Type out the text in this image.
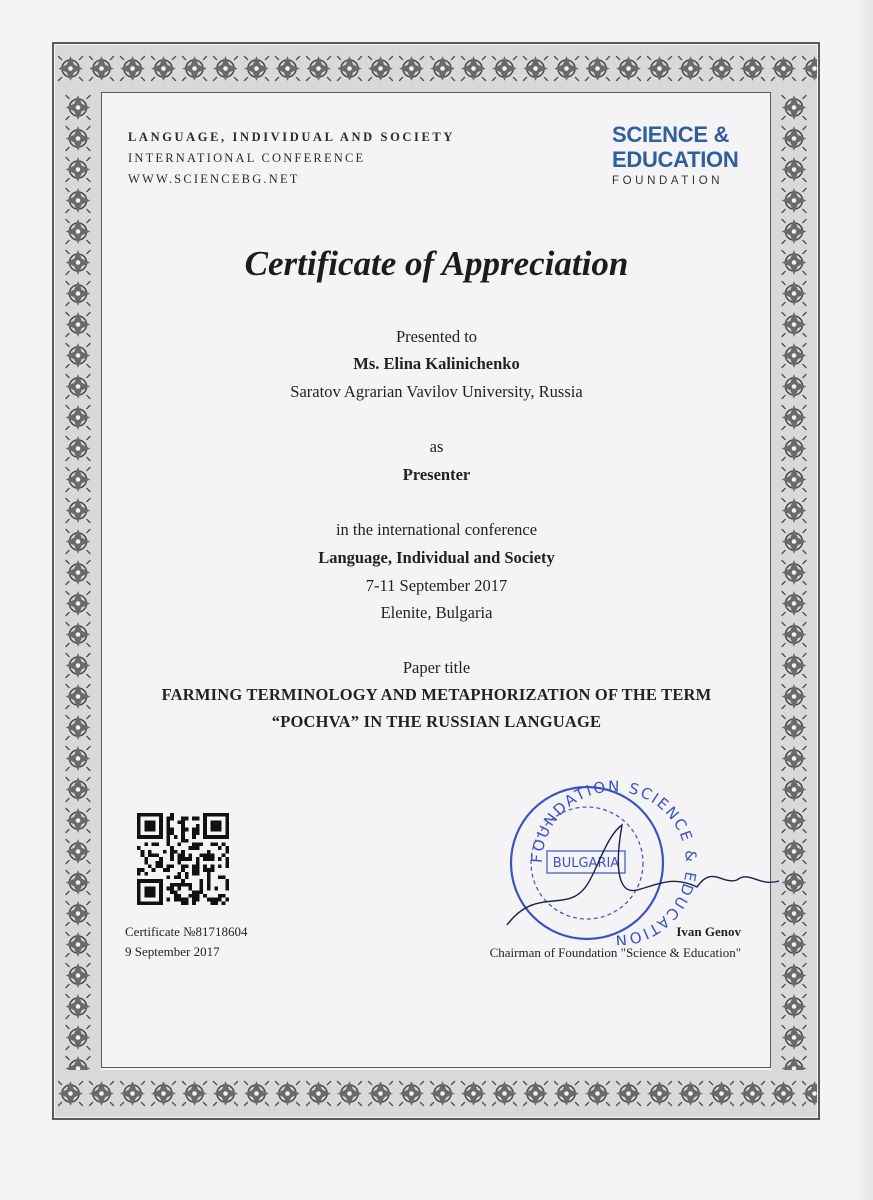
LANGUAGE, INDIVIDUAL AND SOCIETY
INTERNATIONAL CONFERENCE
WWW.SCIENCEBG.NET
SCIENCE &
EDUCATION
FOUNDATION
Certificate of Appreciation
Presented to
Ms. Elina Kalinichenko
Saratov Agrarian Vavilov University, Russia
as
Presenter
in the international conference
Language, Individual and Society
7-11 September 2017
Elenite, Bulgaria
Paper title
FARMING TERMINOLOGY AND METAPHORIZATION OF THE TERM
“POCHVA” IN THE RUSSIAN LANGUAGE
Certificate №81718604
9 September 2017
FOUNDATION SCIENCE & EDUCATION
BULGARIA
Ivan Genov
Chairman of Foundation "Science & Education"
